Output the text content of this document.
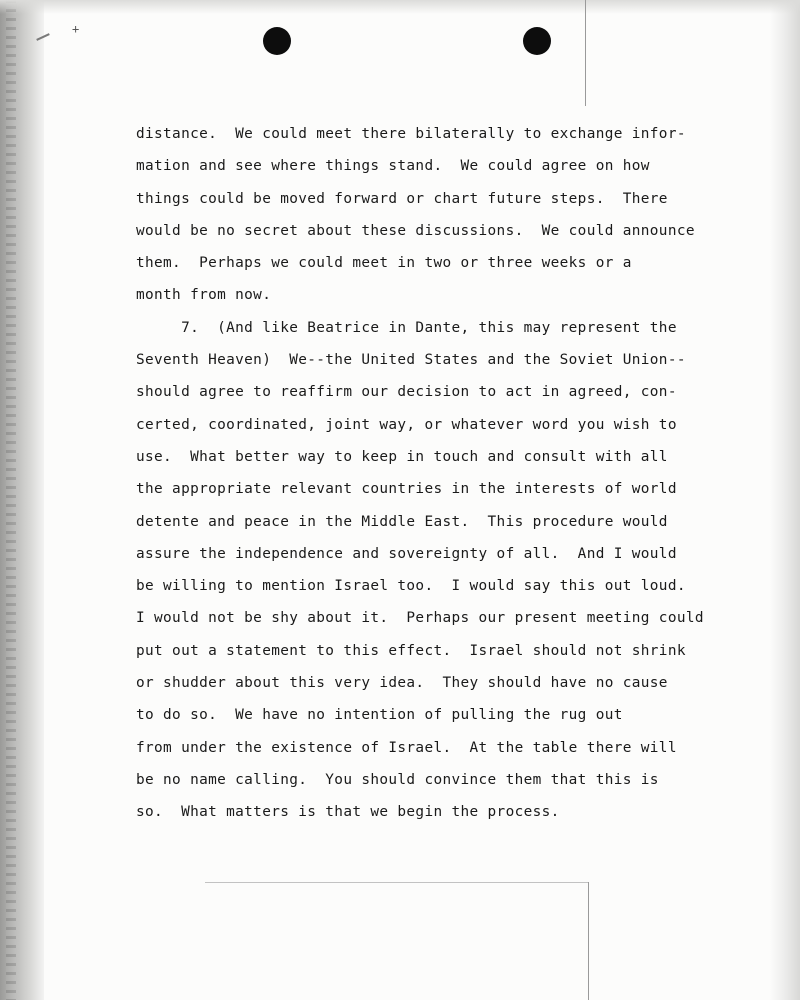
+
distance.  We could meet there bilaterally to exchange infor-
mation and see where things stand.  We could agree on how
things could be moved forward or chart future steps.  There
would be no secret about these discussions.  We could announce
them.  Perhaps we could meet in two or three weeks or a
month from now.
7.  (And like Beatrice in Dante, this may represent the
Seventh Heaven)  We--the United States and the Soviet Union--
should agree to reaffirm our decision to act in agreed, con-
certed, coordinated, joint way, or whatever word you wish to
use.  What better way to keep in touch and consult with all
the appropriate relevant countries in the interests of world
detente and peace in the Middle East.  This procedure would
assure the independence and sovereignty of all.  And I would
be willing to mention Israel too.  I would say this out loud.
I would not be shy about it.  Perhaps our present meeting could
put out a statement to this effect.  Israel should not shrink
or shudder about this very idea.  They should have no cause
to do so.  We have no intention of pulling the rug out
from under the existence of Israel.  At the table there will
be no name calling.  You should convince them that this is
so.  What matters is that we begin the process.
